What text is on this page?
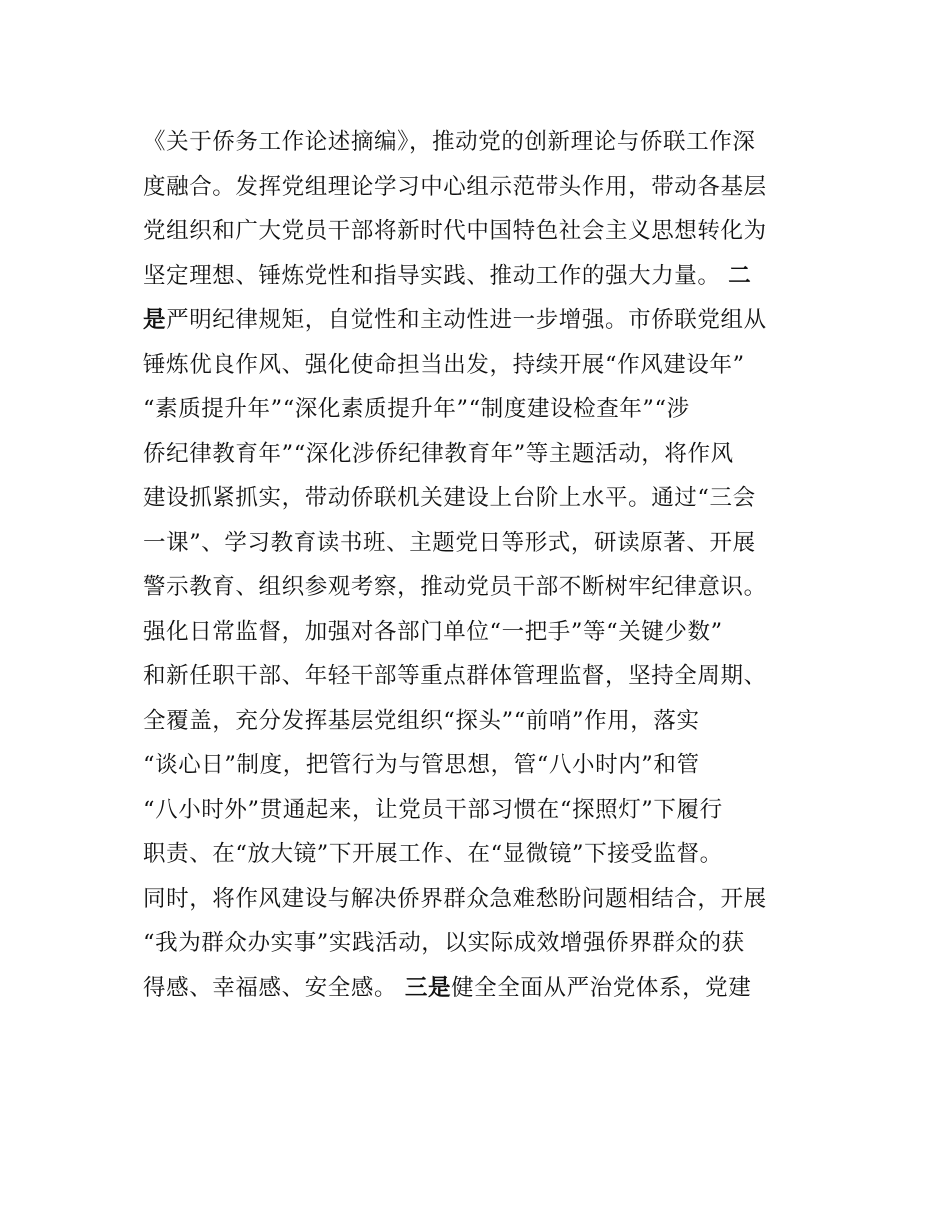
《关于侨务工作论述摘编》，推动党的创新理论与侨联工作深
度融合。发挥党组理论学习中心组示范带头作用，带动各基层
党组织和广大党员干部将新时代中国特色社会主义思想转化为
坚定理想、锤炼党性和指导实践、推动工作的强大力量。 二
是严明纪律规矩，自觉性和主动性进一步增强。市侨联党组从
锤炼优良作风、强化使命担当出发，持续开展“作风建设年”
“素质提升年”“深化素质提升年”“制度建设检查年”“涉
侨纪律教育年”“深化涉侨纪律教育年”等主题活动，将作风
建设抓紧抓实，带动侨联机关建设上台阶上水平。通过“三会
一课”、学习教育读书班、主题党日等形式，研读原著、开展
警示教育、组织参观考察，推动党员干部不断树牢纪律意识。
强化日常监督，加强对各部门单位“一把手”等“关键少数”
和新任职干部、年轻干部等重点群体管理监督，坚持全周期、
全覆盖，充分发挥基层党组织“探头”“前哨”作用，落实
“谈心日”制度，把管行为与管思想，管“八小时内”和管
“八小时外”贯通起来，让党员干部习惯在“探照灯”下履行
职责、在“放大镜”下开展工作、在“显微镜”下接受监督。
同时，将作风建设与解决侨界群众急难愁盼问题相结合，开展
“我为群众办实事”实践活动，以实际成效增强侨界群众的获
得感、幸福感、安全感。 三是健全全面从严治党体系，党建
